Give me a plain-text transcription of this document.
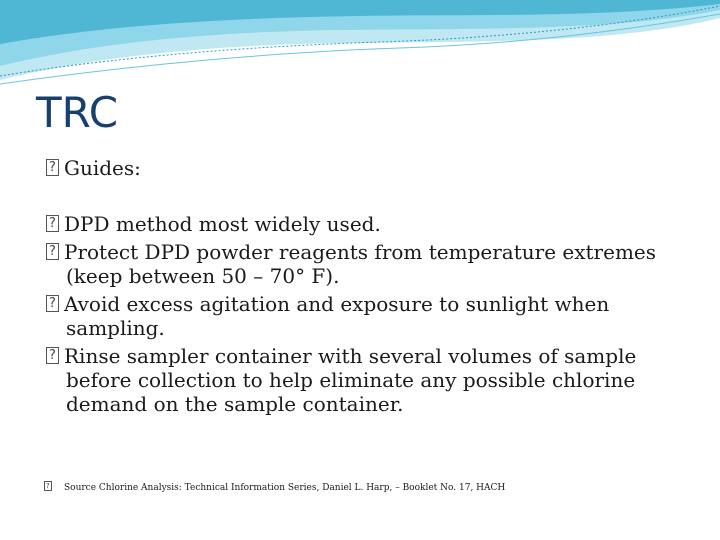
TRC
?Guides:
?DPD method most widely used.
?Protect DPD powder reagents from temperature extremes
(keep between 50 – 70° F).
?Avoid excess agitation and exposure to sunlight when
sampling.
?Rinse sampler container with several volumes of sample
before collection to help eliminate any possible chlorine
demand on the sample container.
?Source Chlorine Analysis: Technical Information Series, Daniel L. Harp, – Booklet No. 17, HACH
